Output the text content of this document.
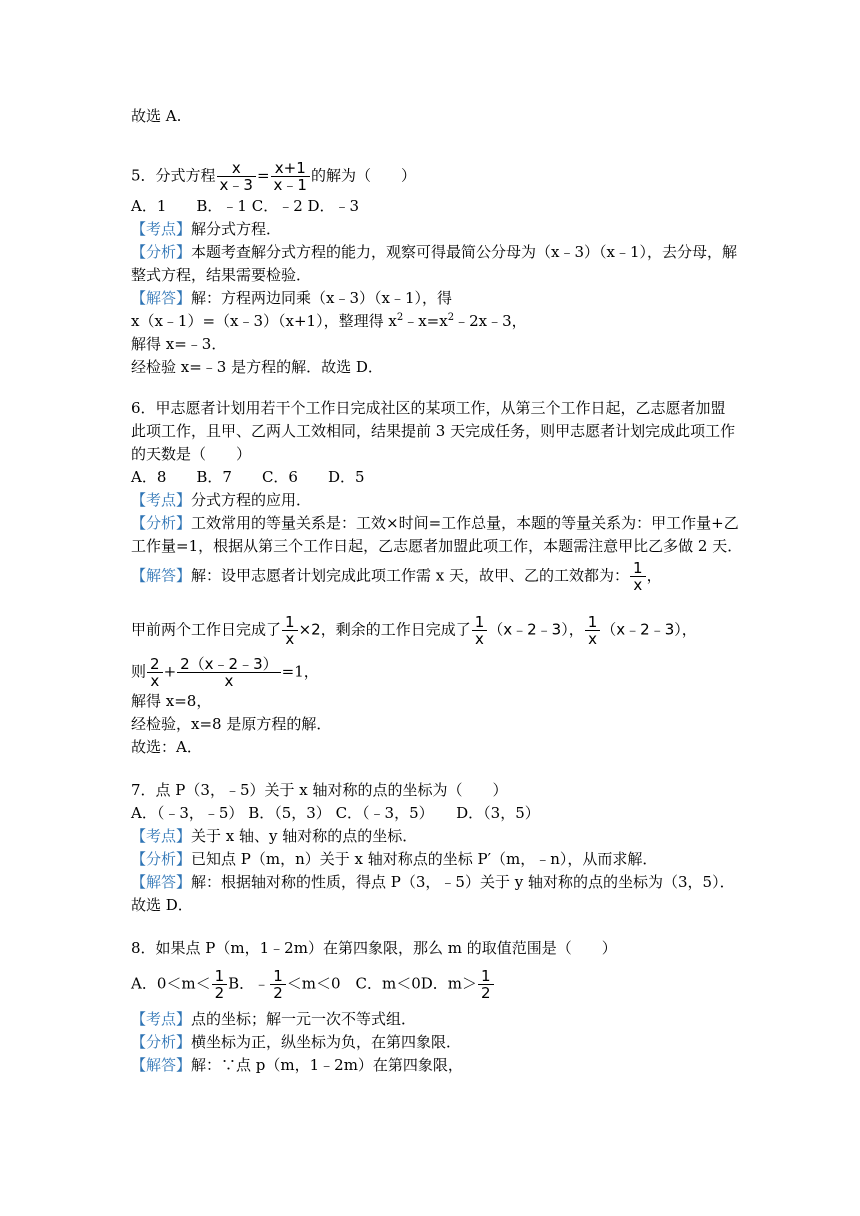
故选 A.
5．分式方程 $\frac{x}{x﹣3} = \frac{x+1}{x﹣1}$ 的解为（　　）
A．1　　B．﹣1 C．﹣2 D．﹣3
【考点】解分式方程．
【分析】本题考查解分式方程的能力，观察可得最简公分母为（x﹣3）（x﹣1），去分母，解
整式方程，结果需要检验．
【解答】解：方程两边同乘（x﹣3）（x﹣1），得
x（x﹣1）=（x﹣3）（x+1），整理得 $x^2﹣x=x^2﹣2x﹣3$，
解得 x=﹣3．
经检验 x=﹣3 是方程的解．故选 D．
6．甲志愿者计划用若干个工作日完成社区的某项工作，从第三个工作日起，乙志愿者加盟
此项工作，且甲、乙两人工效相同，结果提前 3 天完成任务，则甲志愿者计划完成此项工作
的天数是（　　）
A．8　　B．7　　C．6　　D．5
【考点】分式方程的应用．
【分析】工效常用的等量关系是：工效×时间=工作总量，本题的等量关系为：甲工作量+乙
工作量=1，根据从第三个工作日起，乙志愿者加盟此项工作，本题需注意甲比乙多做 2 天．
【解答】解：设甲志愿者计划完成此项工作需 x 天，故甲、乙的工效都为： $\frac{1}{x}$ ，
甲前两个工作日完成了 $\frac{1}{x} \times 2$，剩余的工作日完成了 $\frac{1}{x}$ （x﹣2﹣3）， $\frac{1}{x}$ （x﹣2﹣3），
则 $\frac{2}{x} + \frac{2(x﹣2﹣3)}{x} =1$，
解得 x=8，
经检验，x=8 是原方程的解．
故选：A．
7．点 P（3，﹣5）关于 x 轴对称的点的坐标为（　　）
A．（﹣3，﹣5） B．（5，3） C．（﹣3，5）　　D．（3，5）
【考点】关于 x 轴、y 轴对称的点的坐标．
【分析】已知点 P（m，n）关于 x 轴对称点的坐标 P′（m，﹣n），从而求解．
【解答】解：根据轴对称的性质，得点 P（3，﹣5）关于 y 轴对称的点的坐标为（3，5）．
故选 D．
8．如果点 P（m，1﹣2m）在第四象限，那么 m 的取值范围是（　　）
A．$0<m< \frac{1}{2}$ B．﹣ $\frac{1}{2} <m<0$　C．m＜0D．$m> \frac{1}{2}$
【考点】点的坐标；解一元一次不等式组．
【分析】横坐标为正，纵坐标为负，在第四象限．
【解答】解：∵点 p（m，1﹣2m）在第四象限，
